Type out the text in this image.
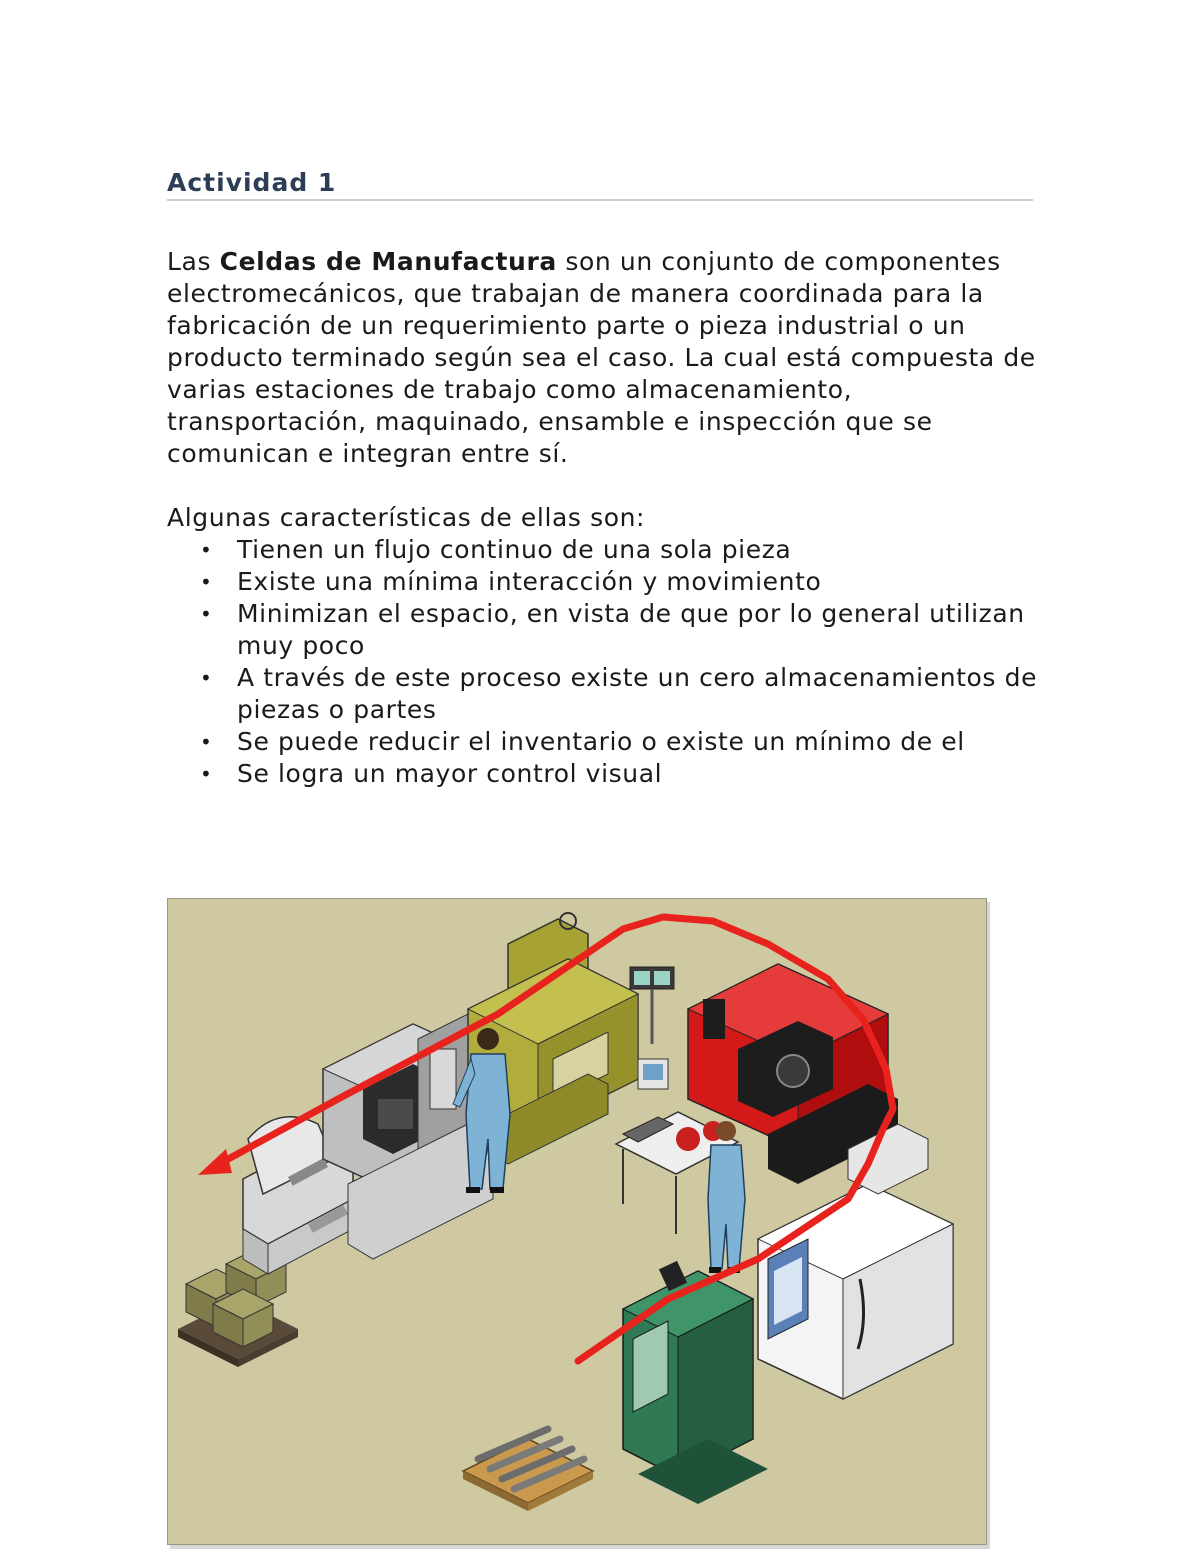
Actividad 1

Las Celdas de Manufactura son un conjunto de componentes electromecánicos, que trabajan de manera coordinada para la fabricación de un requerimiento parte o pieza industrial o un producto terminado según sea el caso. La cual está compuesta de varias estaciones de trabajo como almacenamiento, transportación, maquinado, ensamble e inspección que se comunican e integran entre sí.

Algunas características de ellas son:

• Tienen un flujo continuo de una sola pieza
• Existe una mínima interacción y movimiento
• Minimizan el espacio, en vista de que por lo general utilizan muy poco
• A través de este proceso existe un cero almacenamientos de piezas o partes
• Se puede reducir el inventario o existe un mínimo de el
• Se logra un mayor control visual
